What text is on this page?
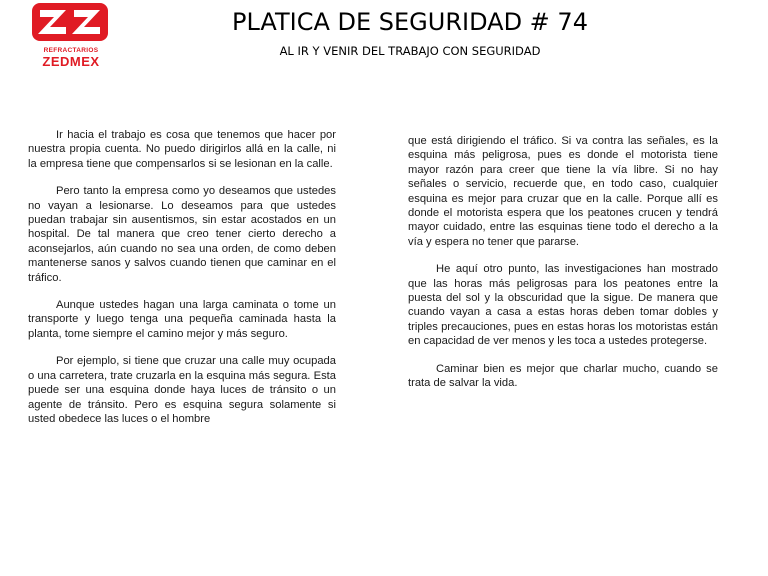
REFRACTARIOS
ZEDMEX
PLATICA DE SEGURIDAD # 74
AL IR Y VENIR DEL TRABAJO CON SEGURIDAD

Ir hacia el trabajo es cosa que tenemos que hacer por nuestra propia cuenta. No puedo dirigirlos allá en la calle, ni la empresa tiene que compensarlos si se lesionan en la calle.

Pero tanto la empresa como yo deseamos que ustedes no vayan a lesionarse. Lo deseamos para que ustedes puedan trabajar sin ausentismos, sin estar acostados en un hospital. De tal manera que creo tener cierto derecho a aconsejarlos, aún cuando no sea una orden, de como deben mantenerse sanos y salvos cuando tienen que caminar en el tráfico.

Aunque ustedes hagan una larga caminata o tome un transporte y luego tenga una pequeña caminada hasta la planta, tome siempre el camino mejor y más seguro.

Por ejemplo, si tiene que cruzar una calle muy ocupada o una carretera, trate cruzarla en la esquina más segura. Esta puede ser una esquina donde haya luces de tránsito o un agente de tránsito. Pero es esquina segura solamente si usted obedece las luces o el hombre

que está dirigiendo el tráfico. Si va contra las señales, es la esquina más peligrosa, pues es donde el motorista tiene mayor razón para creer que tiene la vía libre. Si no hay señales o servicio, recuerde que, en todo caso, cualquier esquina es mejor para cruzar que en la calle. Porque allí es donde el motorista espera que los peatones crucen y tendrá mayor cuidado, entre las esquinas tiene todo el derecho a la vía y espera no tener que pararse.

He aquí otro punto, las investigaciones han mostrado que las horas más peligrosas para los peatones entre la puesta del sol y la obscuridad que la sigue. De manera que cuando vayan a casa a estas horas deben tomar dobles y triples precauciones, pues en estas horas los motoristas están en capacidad de ver menos y les toca a ustedes protegerse.

Caminar bien es mejor que charlar mucho, cuando se trata de salvar la vida.
